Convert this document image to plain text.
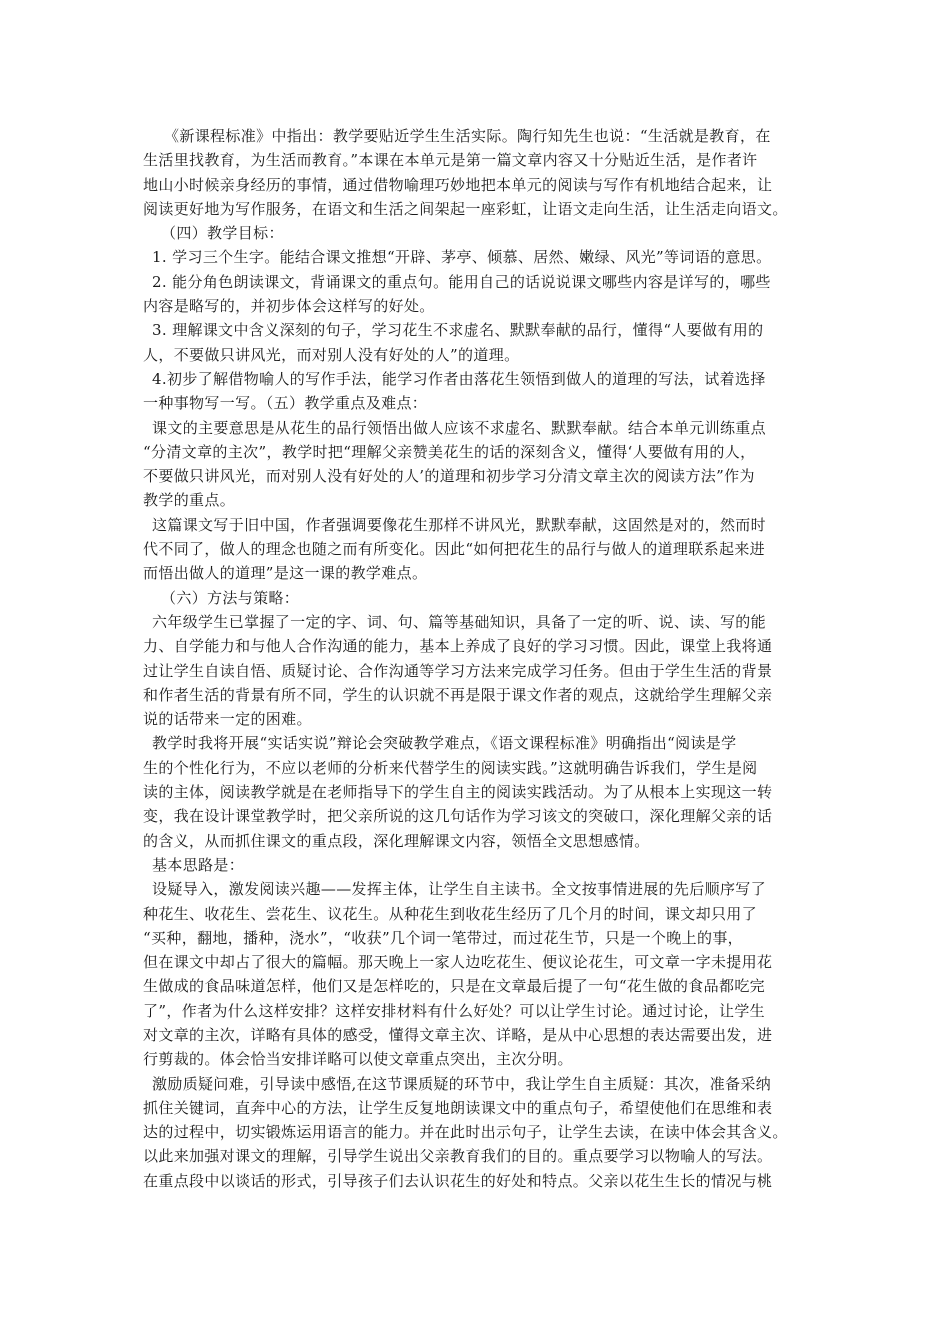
《新课程标准》中指出：教学要贴近学生生活实际。陶行知先生也说：“生活就是教育，在
生活里找教育，为生活而教育。”本课在本单元是第一篇文章内容又十分贴近生活，是作者许
地山小时候亲身经历的事情，通过借物喻理巧妙地把本单元的阅读与写作有机地结合起来，让
阅读更好地为写作服务，在语文和生活之间架起一座彩虹，让语文走向生活，让生活走向语文。
（四）教学目标：
1. 学习三个生字。能结合课文推想“开辟、茅亭、倾慕、居然、嫩绿、风光”等词语的意思。
2. 能分角色朗读课文，背诵课文的重点句。能用自己的话说说课文哪些内容是详写的，哪些
内容是略写的，并初步体会这样写的好处。
3. 理解课文中含义深刻的句子，学习花生不求虚名、默默奉献的品行，懂得“人要做有用的
人，不要做只讲风光，而对别人没有好处的人”的道理。
4.初步了解借物喻人的写作手法，能学习作者由落花生领悟到做人的道理的写法，试着选择
一种事物写一写。（五）教学重点及难点：
课文的主要意思是从花生的品行领悟出做人应该不求虚名、默默奉献。结合本单元训练重点
“分清文章的主次”，教学时把“理解父亲赞美花生的话的深刻含义，懂得‘人要做有用的人，
不要做只讲风光，而对别人没有好处的人’的道理和初步学习分清文章主次的阅读方法”作为
教学的重点。
这篇课文写于旧中国，作者强调要像花生那样不讲风光，默默奉献，这固然是对的，然而时
代不同了，做人的理念也随之而有所变化。因此“如何把花生的品行与做人的道理联系起来进
而悟出做人的道理”是这一课的教学难点。
（六）方法与策略：
六年级学生已掌握了一定的字、词、句、篇等基础知识，具备了一定的听、说、读、写的能
力、自学能力和与他人合作沟通的能力，基本上养成了良好的学习习惯。因此，课堂上我将通
过让学生自读自悟、质疑讨论、合作沟通等学习方法来完成学习任务。但由于学生生活的背景
和作者生活的背景有所不同，学生的认识就不再是限于课文作者的观点，这就给学生理解父亲
说的话带来一定的困难。
教学时我将开展“实话实说”辩论会突破教学难点，《语文课程标准》明确指出“阅读是学
生的个性化行为，不应以老师的分析来代替学生的阅读实践。”这就明确告诉我们，学生是阅
读的主体，阅读教学就是在老师指导下的学生自主的阅读实践活动。为了从根本上实现这一转
变，我在设计课堂教学时，把父亲所说的这几句话作为学习该文的突破口，深化理解父亲的话
的含义，从而抓住课文的重点段，深化理解课文内容，领悟全文思想感情。
基本思路是：
设疑导入，激发阅读兴趣——发挥主体，让学生自主读书。全文按事情进展的先后顺序写了
种花生、收花生、尝花生、议花生。从种花生到收花生经历了几个月的时间，课文却只用了
“买种，翻地，播种，浇水”，“收获”几个词一笔带过，而过花生节，只是一个晚上的事，
但在课文中却占了很大的篇幅。那天晚上一家人边吃花生、便议论花生，可文章一字未提用花
生做成的食品味道怎样，他们又是怎样吃的，只是在文章最后提了一句“花生做的食品都吃完
了”，作者为什么这样安排？这样安排材料有什么好处？可以让学生讨论。通过讨论，让学生
对文章的主次，详略有具体的感受，懂得文章主次、详略，是从中心思想的表达需要出发，进
行剪裁的。体会恰当安排详略可以使文章重点突出，主次分明。
激励质疑问难，引导读中感悟,在这节课质疑的环节中，我让学生自主质疑：其次，准备采纳
抓住关键词，直奔中心的方法，让学生反复地朗读课文中的重点句子，希望使他们在思维和表
达的过程中，切实锻炼运用语言的能力。并在此时出示句子，让学生去读，在读中体会其含义。
以此来加强对课文的理解，引导学生说出父亲教育我们的目的。重点要学习以物喻人的写法。
在重点段中以谈话的形式，引导孩子们去认识花生的好处和特点。父亲以花生生长的情况与桃
